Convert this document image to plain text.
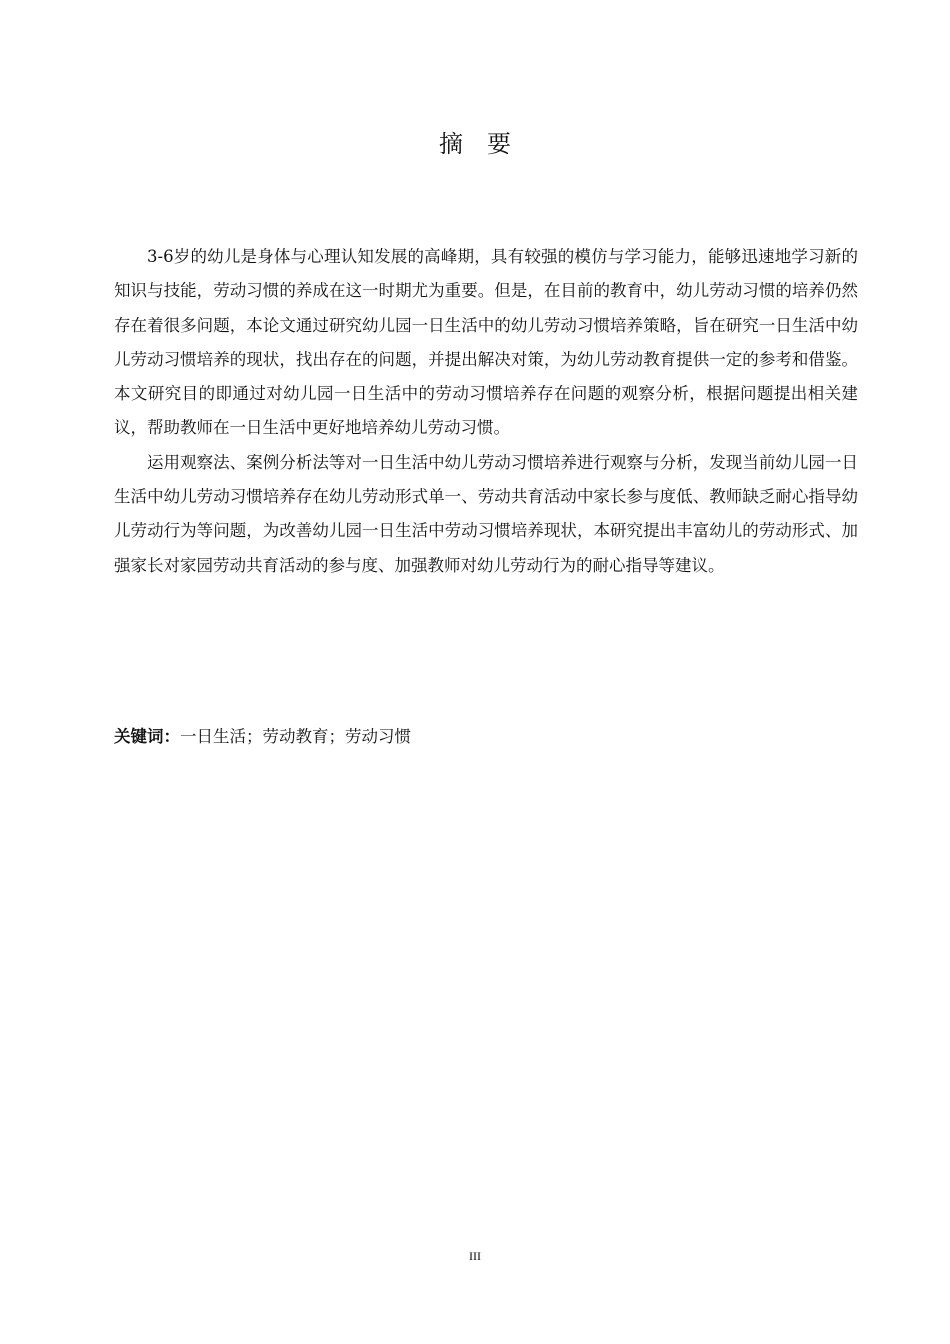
摘要

3-6岁的幼儿是身体与心理认知发展的高峰期，具有较强的模仿与学习能力，能够迅速地学习新的知识与技能，劳动习惯的养成在这一时期尤为重要。但是，在目前的教育中，幼儿劳动习惯的培养仍然存在着很多问题，本论文通过研究幼儿园一日生活中的幼儿劳动习惯培养策略，旨在研究一日生活中幼儿劳动习惯培养的现状，找出存在的问题，并提出解决对策，为幼儿劳动教育提供一定的参考和借鉴。本文研究目的即通过对幼儿园一日生活中的劳动习惯培养存在问题的观察分析，根据问题提出相关建议，帮助教师在一日生活中更好地培养幼儿劳动习惯。

运用观察法、案例分析法等对一日生活中幼儿劳动习惯培养进行观察与分析，发现当前幼儿园一日生活中幼儿劳动习惯培养存在幼儿劳动形式单一、劳动共育活动中家长参与度低、教师缺乏耐心指导幼儿劳动行为等问题，为改善幼儿园一日生活中劳动习惯培养现状，本研究提出丰富幼儿的劳动形式、加强家长对家园劳动共育活动的参与度、加强教师对幼儿劳动行为的耐心指导等建议。

关键词：一日生活；劳动教育；劳动习惯

III
